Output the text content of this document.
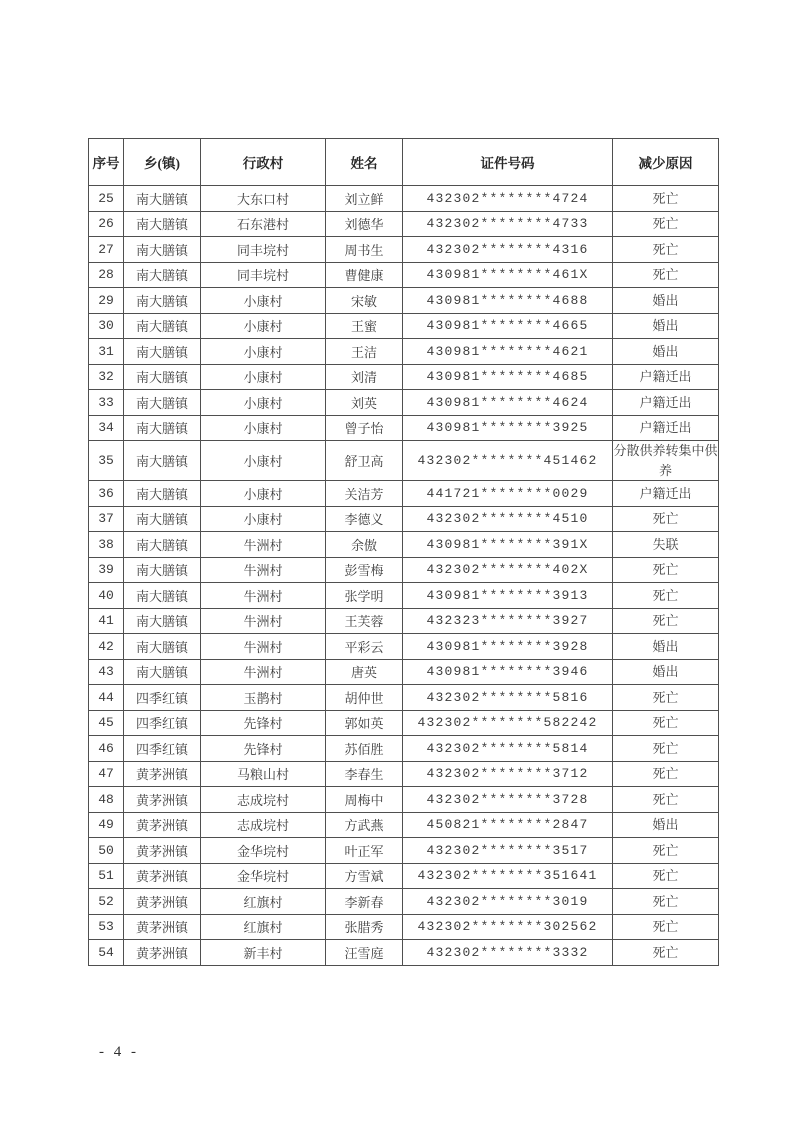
序号	乡(镇)	行政村	姓名	证件号码	减少原因
25	南大膳镇	大东口村	刘立鲜	432302********4724	死亡
26	南大膳镇	石东港村	刘德华	432302********4733	死亡
27	南大膳镇	同丰垸村	周书生	432302********4316	死亡
28	南大膳镇	同丰垸村	曹健康	430981********461X	死亡
29	南大膳镇	小康村	宋敏	430981********4688	婚出
30	南大膳镇	小康村	王蜜	430981********4665	婚出
31	南大膳镇	小康村	王洁	430981********4621	婚出
32	南大膳镇	小康村	刘清	430981********4685	户籍迁出
33	南大膳镇	小康村	刘英	430981********4624	户籍迁出
34	南大膳镇	小康村	曾子怡	430981********3925	户籍迁出
35	南大膳镇	小康村	舒卫高	432302********451462	分散供养转集中供养
36	南大膳镇	小康村	关洁芳	441721********0029	户籍迁出
37	南大膳镇	小康村	李德义	432302********4510	死亡
38	南大膳镇	牛洲村	余傲	430981********391X	失联
39	南大膳镇	牛洲村	彭雪梅	432302********402X	死亡
40	南大膳镇	牛洲村	张学明	430981********3913	死亡
41	南大膳镇	牛洲村	王芙蓉	432323********3927	死亡
42	南大膳镇	牛洲村	平彩云	430981********3928	婚出
43	南大膳镇	牛洲村	唐英	430981********3946	婚出
44	四季红镇	玉鹊村	胡仲世	432302********5816	死亡
45	四季红镇	先锋村	郭如英	432302********582242	死亡
46	四季红镇	先锋村	苏佰胜	432302********5814	死亡
47	黄茅洲镇	马粮山村	李春生	432302********3712	死亡
48	黄茅洲镇	志成垸村	周梅中	432302********3728	死亡
49	黄茅洲镇	志成垸村	方武燕	450821********2847	婚出
50	黄茅洲镇	金华垸村	叶正军	432302********3517	死亡
51	黄茅洲镇	金华垸村	方雪斌	432302********351641	死亡
52	黄茅洲镇	红旗村	李新春	432302********3019	死亡
53	黄茅洲镇	红旗村	张腊秀	432302********302562	死亡
54	黄茅洲镇	新丰村	汪雪庭	432302********3332	死亡
- 4 -
